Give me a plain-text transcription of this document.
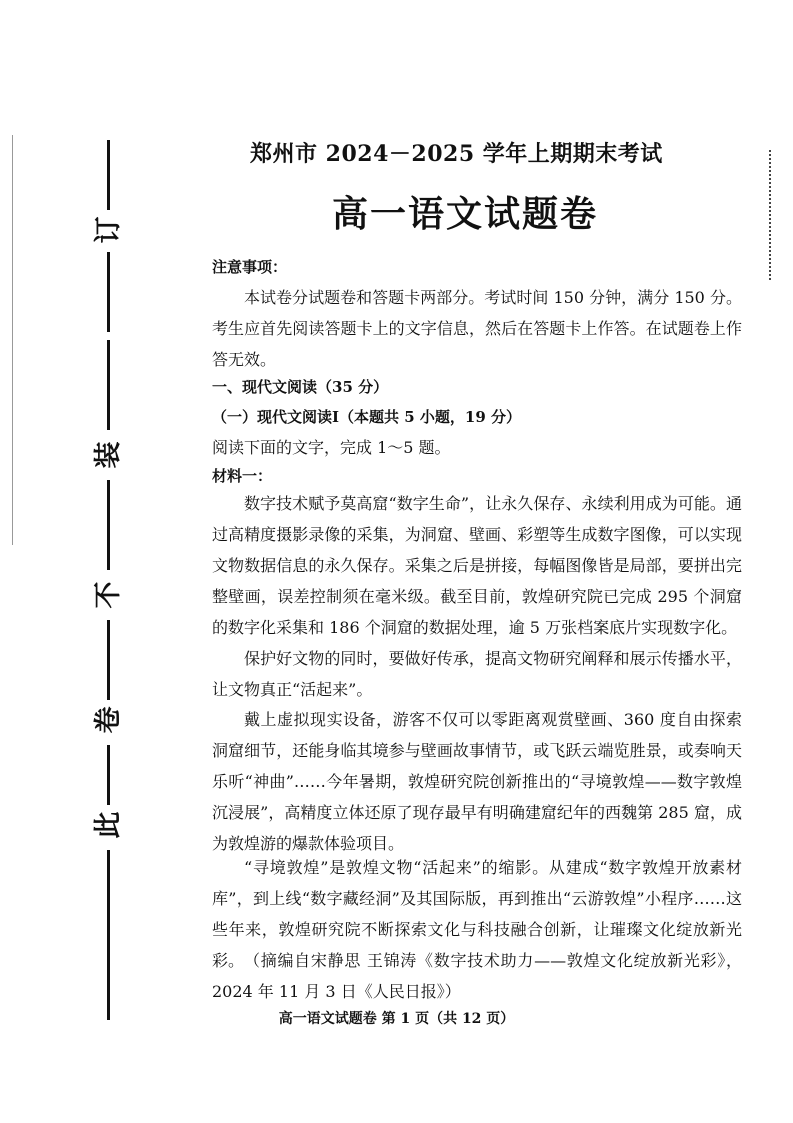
订
装
不
卷
此
郑州市 2024－2025 学年上期期末考试
高一语文试题卷
注意事项：
本试卷分试题卷和答题卡两部分。考试时间 150 分钟，满分 150 分。考生应首先阅读答题卡上的文字信息，然后在答题卡上作答。在试题卷上作答无效。
一、现代文阅读（35 分）
（一）现代文阅读Ⅰ（本题共 5 小题，19 分）
阅读下面的文字，完成 1～5 题。
材料一：
数字技术赋予莫高窟“数字生命”，让永久保存、永续利用成为可能。通过高精度摄影录像的采集，为洞窟、壁画、彩塑等生成数字图像，可以实现文物数据信息的永久保存。采集之后是拼接，每幅图像皆是局部，要拼出完整壁画，误差控制须在毫米级。截至目前，敦煌研究院已完成 295 个洞窟的数字化采集和 186 个洞窟的数据处理，逾 5 万张档案底片实现数字化。
保护好文物的同时，要做好传承，提高文物研究阐释和展示传播水平，让文物真正“活起来”。
戴上虚拟现实设备，游客不仅可以零距离观赏壁画、360 度自由探索洞窟细节，还能身临其境参与壁画故事情节，或飞跃云端览胜景，或奏响天乐听“神曲”……今年暑期，敦煌研究院创新推出的“寻境敦煌——数字敦煌沉浸展”，高精度立体还原了现存最早有明确建窟纪年的西魏第 285 窟，成为敦煌游的爆款体验项目。
“寻境敦煌”是敦煌文物“活起来”的缩影。从建成“数字敦煌开放素材库”，到上线“数字藏经洞”及其国际版，再到推出“云游敦煌”小程序……这些年来，敦煌研究院不断探索文化与科技融合创新，让璀璨文化绽放新光彩。 （摘编自宋静思 王锦涛《数字技术助力——敦煌文化绽放新光彩》，2024 年 11 月 3 日《人民日报》）
高一语文试题卷 第 1 页（共 12 页）
